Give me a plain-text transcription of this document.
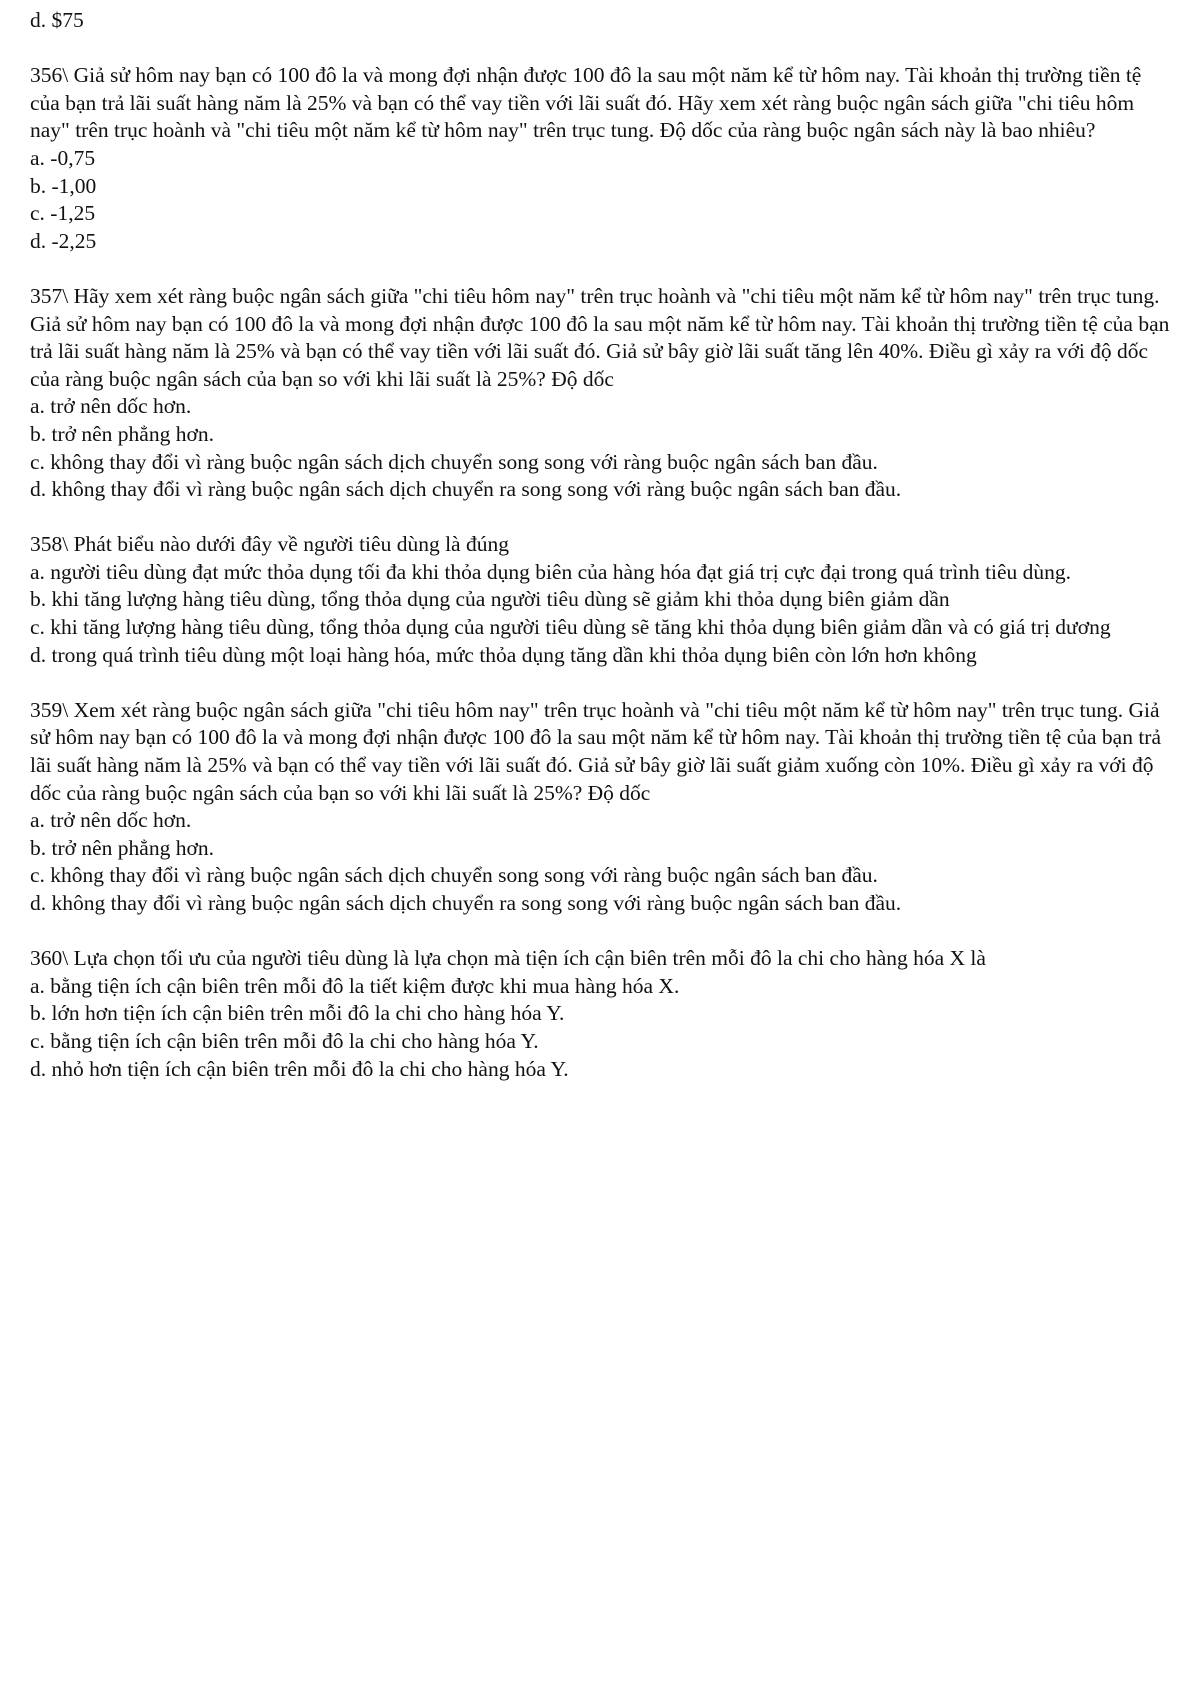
d. $75
356\ Giả sử hôm nay bạn có 100 đô la và mong đợi nhận được 100 đô la sau một năm kể từ hôm nay. Tài khoản thị trường tiền tệ của bạn trả lãi suất hàng năm là 25% và bạn có thể vay tiền với lãi suất đó. Hãy xem xét ràng buộc ngân sách giữa "chi tiêu hôm nay" trên trục hoành và "chi tiêu một năm kể từ hôm nay" trên trục tung. Độ dốc của ràng buộc ngân sách này là bao nhiêu?
a. -0,75
b. -1,00
c. -1,25
d. -2,25
357\ Hãy xem xét ràng buộc ngân sách giữa "chi tiêu hôm nay" trên trục hoành và "chi tiêu một năm kể từ hôm nay" trên trục tung. Giả sử hôm nay bạn có 100 đô la và mong đợi nhận được 100 đô la sau một năm kể từ hôm nay. Tài khoản thị trường tiền tệ của bạn trả lãi suất hàng năm là 25% và bạn có thể vay tiền với lãi suất đó. Giả sử bây giờ lãi suất tăng lên 40%. Điều gì xảy ra với độ dốc của ràng buộc ngân sách của bạn so với khi lãi suất là 25%? Độ dốc
a. trở nên dốc hơn.
b. trở nên phẳng hơn.
c. không thay đổi vì ràng buộc ngân sách dịch chuyển song song với ràng buộc ngân sách ban đầu.
d. không thay đổi vì ràng buộc ngân sách dịch chuyển ra song song với ràng buộc ngân sách ban đầu.
358\ Phát biểu nào dưới đây về người tiêu dùng là đúng
a. người tiêu dùng đạt mức thỏa dụng tối đa khi thỏa dụng biên của hàng hóa đạt giá trị cực đại trong quá trình tiêu dùng.
b. khi tăng lượng hàng tiêu dùng, tổng thỏa dụng của người tiêu dùng sẽ giảm khi thỏa dụng biên giảm dần
c. khi tăng lượng hàng tiêu dùng, tổng thỏa dụng của người tiêu dùng sẽ tăng khi thỏa dụng biên giảm dần và có giá trị dương
d. trong quá trình tiêu dùng một loại hàng hóa, mức thỏa dụng tăng dần khi thỏa dụng biên còn lớn hơn không
359\ Xem xét ràng buộc ngân sách giữa "chi tiêu hôm nay" trên trục hoành và "chi tiêu một năm kể từ hôm nay" trên trục tung. Giả sử hôm nay bạn có 100 đô la và mong đợi nhận được 100 đô la sau một năm kể từ hôm nay. Tài khoản thị trường tiền tệ của bạn trả lãi suất hàng năm là 25% và bạn có thể vay tiền với lãi suất đó. Giả sử bây giờ lãi suất giảm xuống còn 10%. Điều gì xảy ra với độ dốc của ràng buộc ngân sách của bạn so với khi lãi suất là 25%? Độ dốc
a. trở nên dốc hơn.
b. trở nên phẳng hơn.
c. không thay đổi vì ràng buộc ngân sách dịch chuyển song song với ràng buộc ngân sách ban đầu.
d. không thay đổi vì ràng buộc ngân sách dịch chuyển ra song song với ràng buộc ngân sách ban đầu.
360\ Lựa chọn tối ưu của người tiêu dùng là lựa chọn mà tiện ích cận biên trên mỗi đô la chi cho hàng hóa X là
a. bằng tiện ích cận biên trên mỗi đô la tiết kiệm được khi mua hàng hóa X.
b. lớn hơn tiện ích cận biên trên mỗi đô la chi cho hàng hóa Y.
c. bằng tiện ích cận biên trên mỗi đô la chi cho hàng hóa Y.
d. nhỏ hơn tiện ích cận biên trên mỗi đô la chi cho hàng hóa Y.
